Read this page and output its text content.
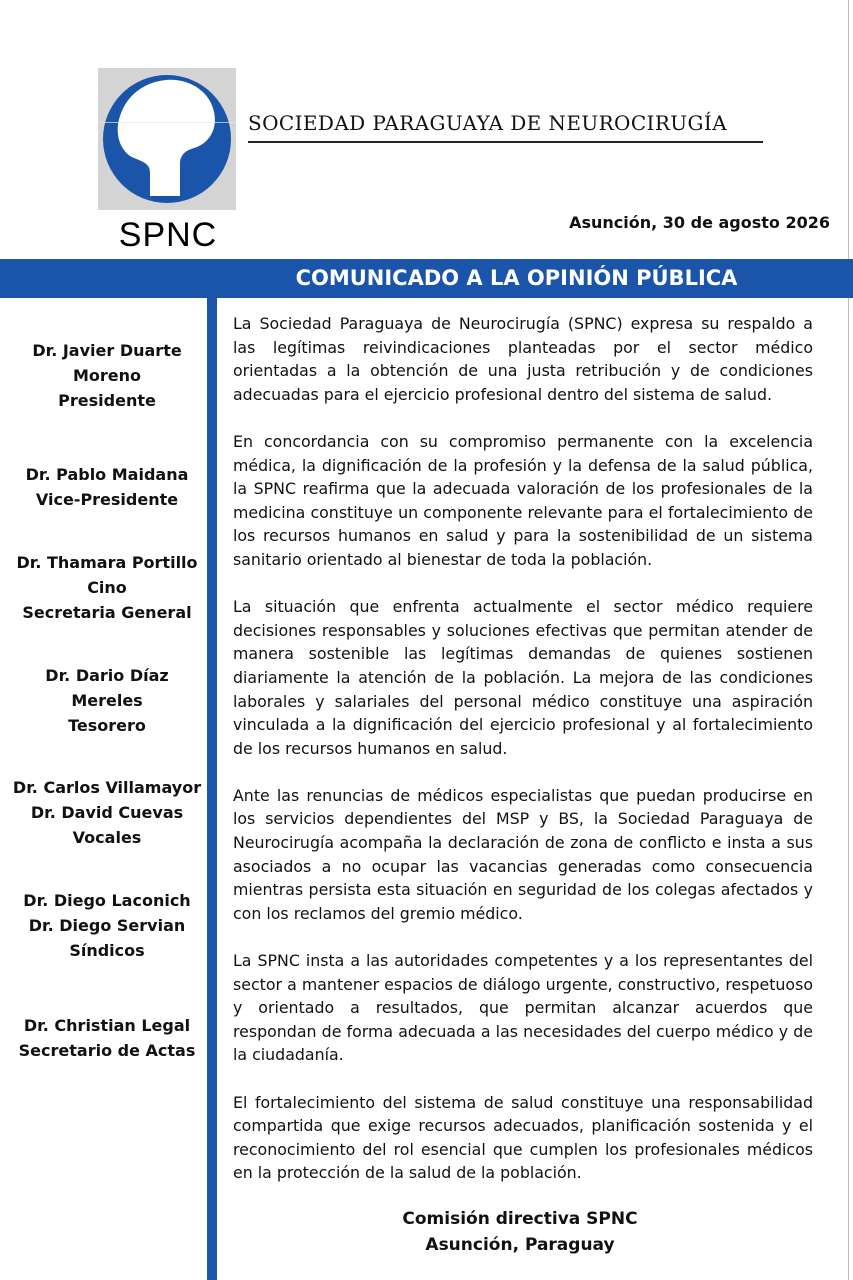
SPNC
SOCIEDAD PARAGUAYA DE NEUROCIRUGÍA
Asunción, 30 de agosto 2026
COMUNICADO A LA OPINIÓN PÚBLICA
Dr. Javier Duarte
Moreno
Presidente
Dr. Pablo Maidana
Vice-Presidente
Dr. Thamara Portillo
Cino
Secretaria General
Dr. Dario Díaz
Mereles
Tesorero
Dr. Carlos Villamayor
Dr. David Cuevas
Vocales
Dr. Diego Laconich
Dr. Diego Servian
Síndicos
Dr. Christian Legal
Secretario de Actas

La Sociedad Paraguaya de Neurocirugía (SPNC) expresa su respaldo a las legítimas reivindicaciones planteadas por el sector médico orientadas a la obtención de una justa retribución y de condiciones adecuadas para el ejercicio profesional dentro del sistema de salud.

En concordancia con su compromiso permanente con la excelencia médica, la dignificación de la profesión y la defensa de la salud pública, la SPNC reafirma que la adecuada valoración de los profesionales de la medicina constituye un componente relevante para el fortalecimiento de los recursos humanos en salud y para la sostenibilidad de un sistema sanitario orientado al bienestar de toda la población.

La situación que enfrenta actualmente el sector médico requiere decisiones responsables y soluciones efectivas que permitan atender de manera sostenible las legítimas demandas de quienes sostienen diariamente la atención de la población. La mejora de las condiciones laborales y salariales del personal médico constituye una aspiración vinculada a la dignificación del ejercicio profesional y al fortalecimiento de los recursos humanos en salud.

Ante las renuncias de médicos especialistas que puedan producirse en los servicios dependientes del MSP y BS, la Sociedad Paraguaya de Neurocirugía acompaña la declaración de zona de conflicto e insta a sus asociados a no ocupar las vacancias generadas como consecuencia mientras persista esta situación en seguridad de los colegas afectados y con los reclamos del gremio médico.

La SPNC insta a las autoridades competentes y a los representantes del sector a mantener espacios de diálogo urgente, constructivo, respetuoso y orientado a resultados, que permitan alcanzar acuerdos que respondan de forma adecuada a las necesidades del cuerpo médico y de la ciudadanía.

El fortalecimiento del sistema de salud constituye una responsabilidad compartida que exige recursos adecuados, planificación sostenida y el reconocimiento del rol esencial que cumplen los profesionales médicos en la protección de la salud de la población.

Comisión directiva SPNC
Asunción, Paraguay
